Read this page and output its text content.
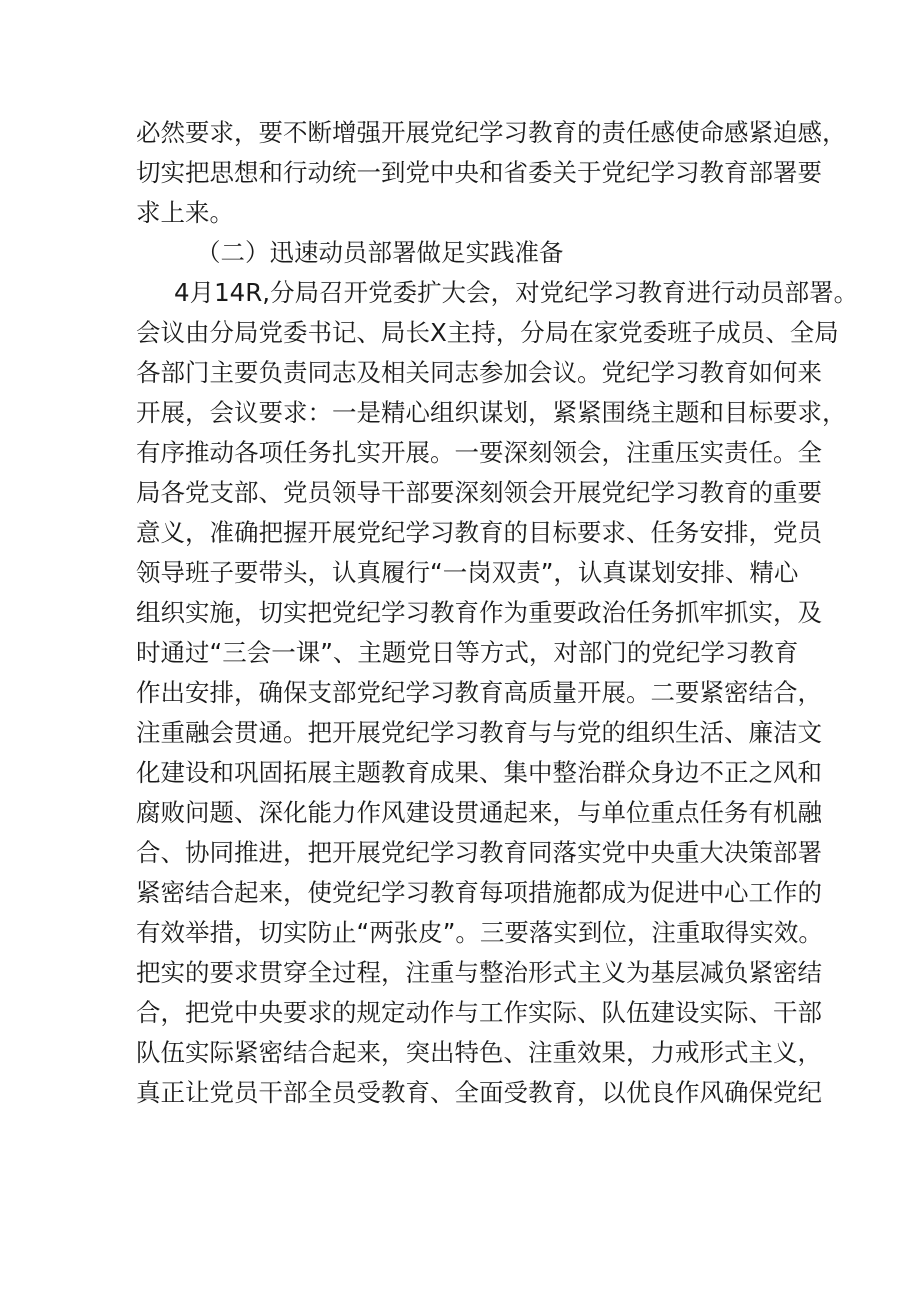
必然要求，要不断增强开展党纪学习教育的责任感使命感紧迫感，

切实把思想和行动统一到党中央和省委关于党纪学习教育部署要

求上来。

（二）迅速动员部署做足实践准备

4月14R,分局召开党委扩大会，对党纪学习教育进行动员部署。

会议由分局党委书记、局长X主持，分局在家党委班子成员、全局

各部门主要负责同志及相关同志参加会议。党纪学习教育如何来

开展，会议要求：一是精心组织谋划，紧紧围绕主题和目标要求，

有序推动各项任务扎实开展。一要深刻领会，注重压实责任。全

局各党支部、党员领导干部要深刻领会开展党纪学习教育的重要

意义，准确把握开展党纪学习教育的目标要求、任务安排，党员

领导班子要带头，认真履行“一岗双责”，认真谋划安排、精心

组织实施，切实把党纪学习教育作为重要政治任务抓牢抓实，及

时通过“三会一课”、主题党日等方式，对部门的党纪学习教育

作出安排，确保支部党纪学习教育高质量开展。二要紧密结合，

注重融会贯通。把开展党纪学习教育与与党的组织生活、廉洁文

化建设和巩固拓展主题教育成果、集中整治群众身边不正之风和

腐败问题、深化能力作风建设贯通起来，与单位重点任务有机融

合、协同推进，把开展党纪学习教育同落实党中央重大决策部署

紧密结合起来，使党纪学习教育每项措施都成为促进中心工作的

有效举措，切实防止“两张皮”。三要落实到位，注重取得实效。

把实的要求贯穿全过程，注重与整治形式主义为基层减负紧密结

合，把党中央要求的规定动作与工作实际、队伍建设实际、干部

队伍实际紧密结合起来，突出特色、注重效果，力戒形式主义，

真正让党员干部全员受教育、全面受教育，以优良作风确保党纪
